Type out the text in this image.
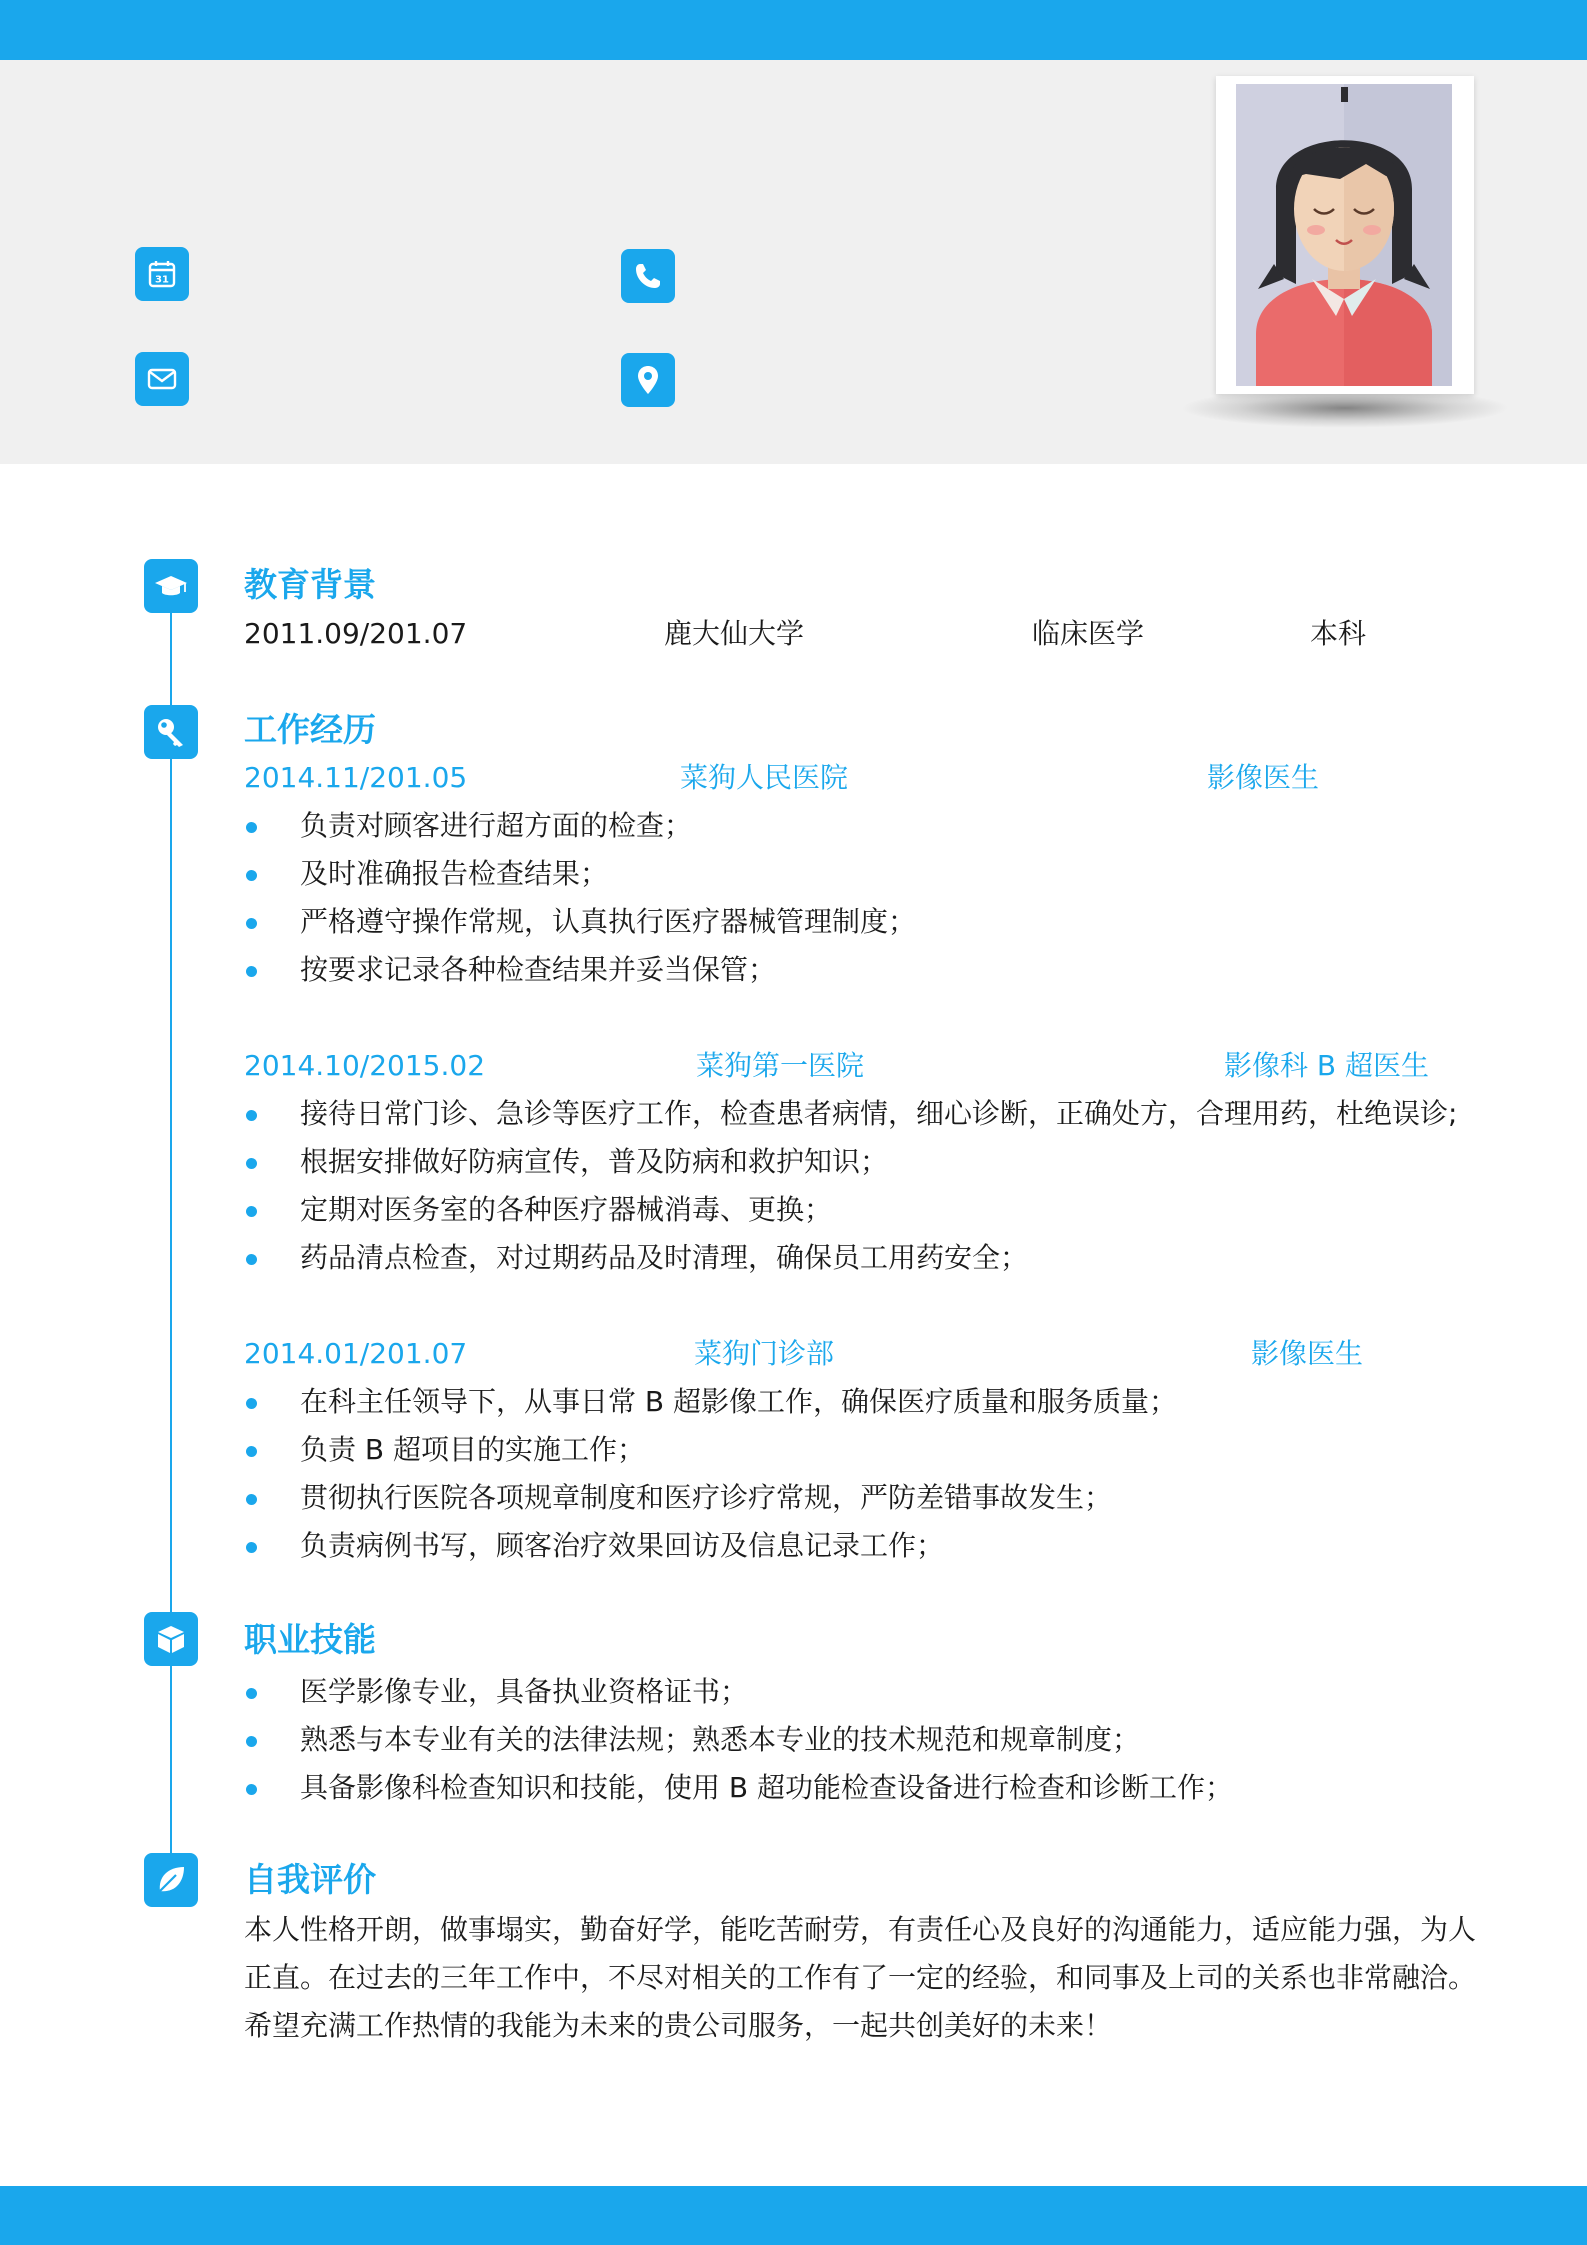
31
教育背景
2011.09/201.07	鹿大仙大学	临床医学	本科
工作经历
2014.11/201.05	菜狗人民医院	影像医生
负责对顾客进行超方面的检查；
及时准确报告检查结果；
严格遵守操作常规，认真执行医疗器械管理制度；
按要求记录各种检查结果并妥当保管；
2014.10/2015.02	菜狗第一医院	影像科 B 超医生
接待日常门诊、急诊等医疗工作，检查患者病情，细心诊断，正确处方，合理用药，杜绝误诊;
根据安排做好防病宣传，普及防病和救护知识；
定期对医务室的各种医疗器械消毒、更换；
药品清点检查，对过期药品及时清理，确保员工用药安全；
2014.01/201.07	菜狗门诊部	影像医生
在科主任领导下，从事日常 B 超影像工作，确保医疗质量和服务质量；
负责 B 超项目的实施工作；
贯彻执行医院各项规章制度和医疗诊疗常规，严防差错事故发生；
负责病例书写，顾客治疗效果回访及信息记录工作；
职业技能
医学影像专业，具备执业资格证书；
熟悉与本专业有关的法律法规；熟悉本专业的技术规范和规章制度；
具备影像科检查知识和技能，使用 B 超功能检查设备进行检查和诊断工作；
自我评价

本人性格开朗，做事塌实，勤奋好学，能吃苦耐劳，有责任心及良好的沟通能力，适应能力强，为人正直。在过去的三年工作中，不尽对相关的工作有了一定的经验，和同事及上司的关系也非常融洽。希望充满工作热情的我能为未来的贵公司服务，一起共创美好的未来！
